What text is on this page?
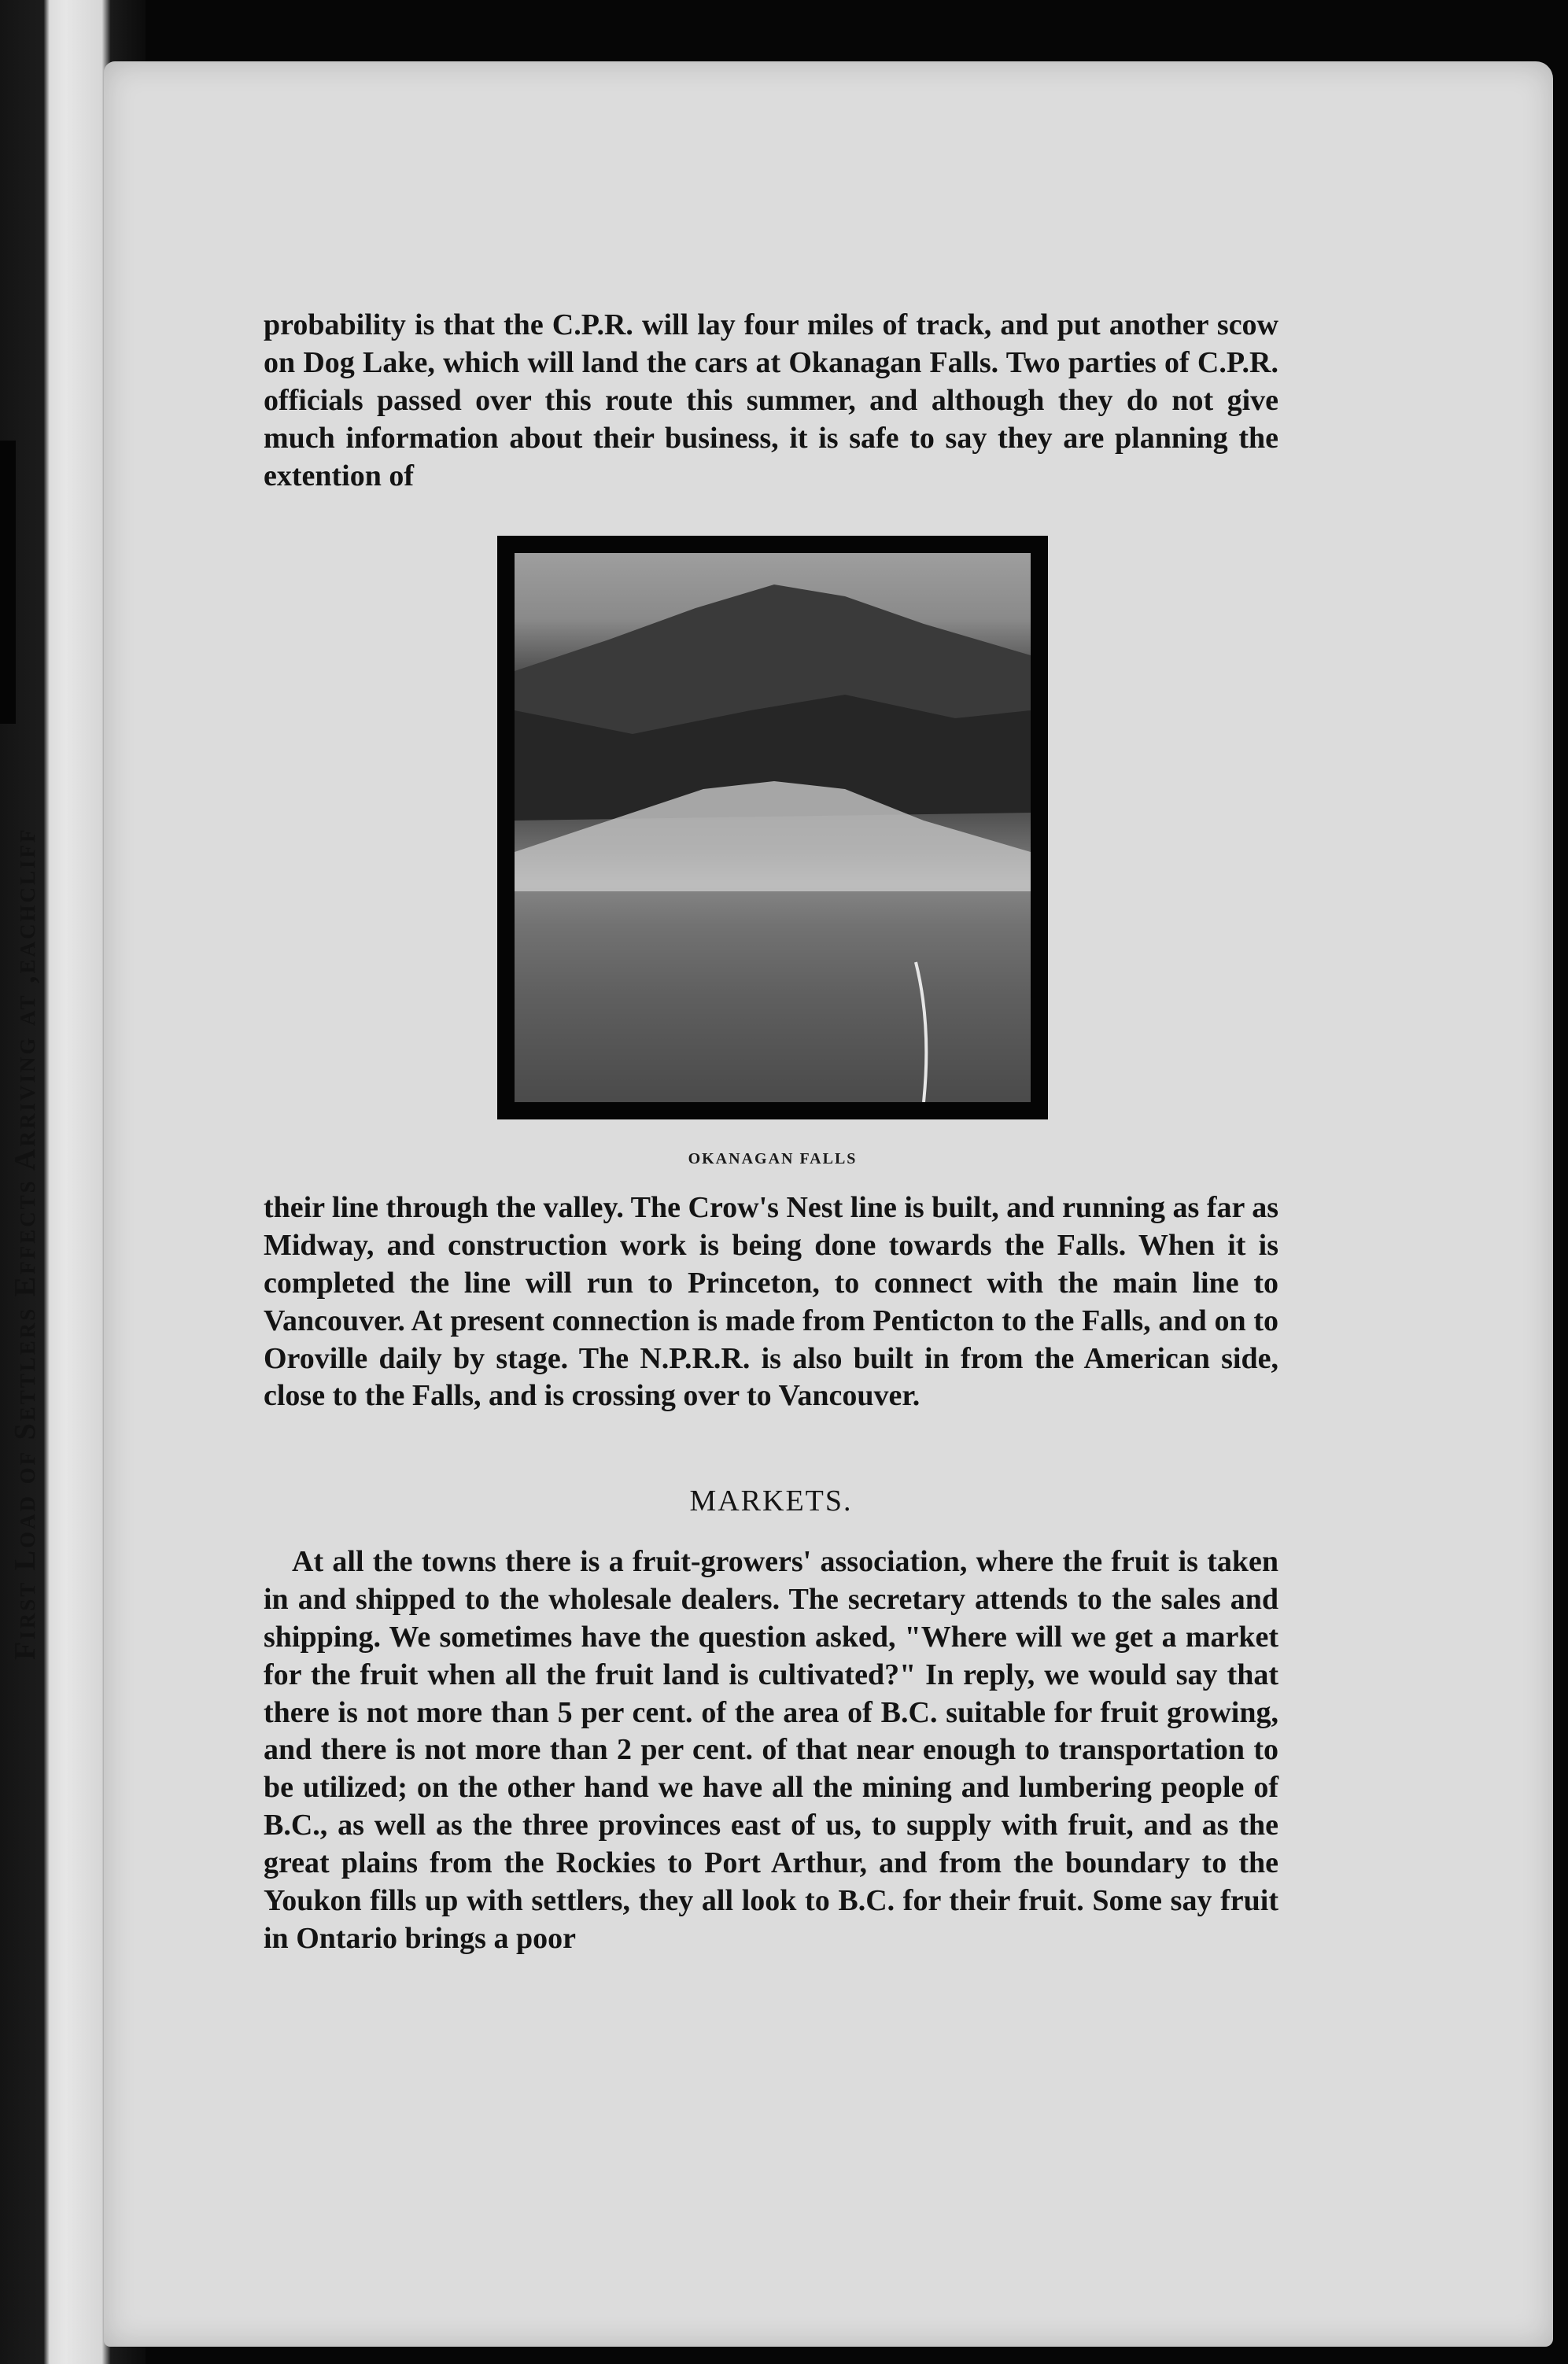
First Load of Settlers Effects Arriving at ,eachcliff

probability is that the C.P.R. will lay four miles of track, and put another scow on Dog Lake, which will land the cars at Okanagan Falls. Two parties of C.P.R. officials passed over this route this summer, and although they do not give much information about their business, it is safe to say they are planning the extention of

OKANAGAN FALLS

their line through the valley. The Crow's Nest line is built, and running as far as Midway, and construction work is being done towards the Falls. When it is completed the line will run to Princeton, to connect with the main line to Vancouver. At present connection is made from Penticton to the Falls, and on to Oroville daily by stage. The N.P.R.R. is also built in from the American side, close to the Falls, and is crossing over to Vancouver.

MARKETS.

At all the towns there is a fruit-growers' association, where the fruit is taken in and shipped to the wholesale dealers. The secretary attends to the sales and shipping. We sometimes have the question asked, "Where will we get a market for the fruit when all the fruit land is cultivated?" In reply, we would say that there is not more than 5 per cent. of the area of B.C. suitable for fruit growing, and there is not more than 2 per cent. of that near enough to transportation to be utilized; on the other hand we have all the mining and lumbering people of B.C., as well as the three provinces east of us, to supply with fruit, and as the great plains from the Rockies to Port Arthur, and from the boundary to the Youkon fills up with settlers, they all look to B.C. for their fruit. Some say fruit in Ontario brings a poor
